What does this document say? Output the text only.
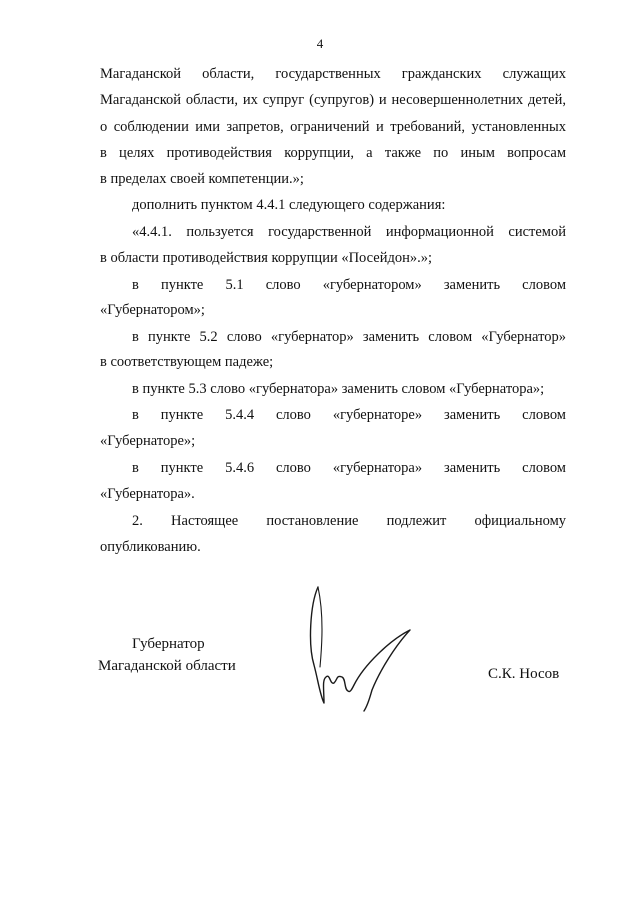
4
Магаданской области, государственных гражданских служащих
Магаданской области, их супруг (супругов) и несовершеннолетних детей,
о соблюдении ими запретов, ограничений и требований, установленных
в целях противодействия коррупции, а также по иным вопросам
в пределах своей компетенции.»;
дополнить пунктом 4.4.1 следующего содержания:
«4.4.1. пользуется государственной информационной системой
в области противодействия коррупции «Посейдон».»;
в пункте 5.1 слово «губернатором» заменить словом
«Губернатором»;
в пункте 5.2 слово «губернатор» заменить словом «Губернатор»
в соответствующем падеже;
в пункте 5.3 слово «губернатора» заменить словом «Губернатора»;
в пункте 5.4.4 слово «губернаторе» заменить словом
«Губернаторе»;
в пункте 5.4.6 слово «губернатора» заменить словом
«Губернатора».
2. Настоящее постановление подлежит официальному
опубликованию.
Губернатор
Магаданской области	С.К. Носов
